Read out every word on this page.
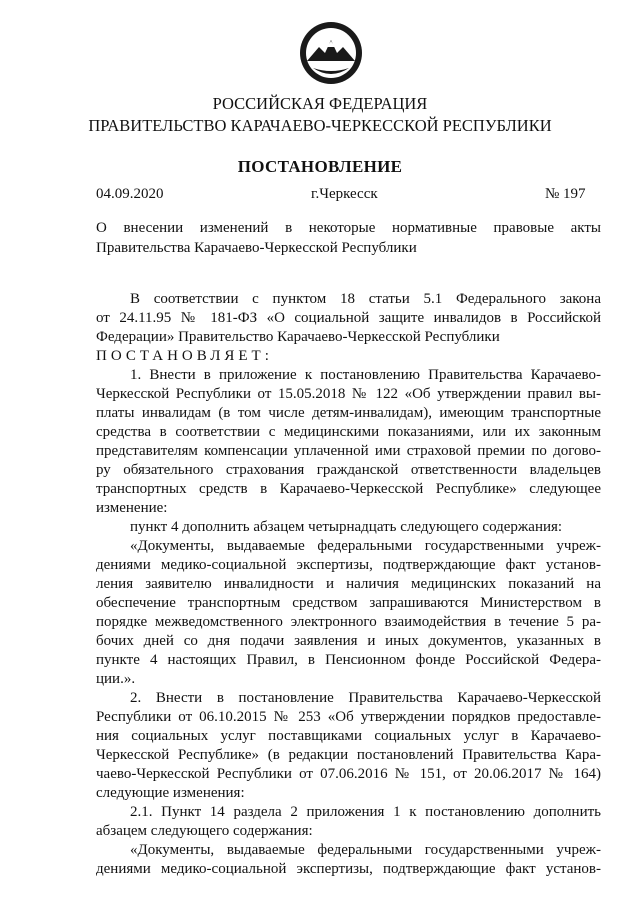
РОССИЙСКАЯ ФЕДЕРАЦИЯ
ПРАВИТЕЛЬСТВО КАРАЧАЕВО-ЧЕРКЕССКОЙ РЕСПУБЛИКИ
ПОСТАНОВЛЕНИЕ
04.09.2020	г.Черкесск	№ 197
О внесении изменений в некоторые нормативные правовые акты Правительства Карачаево-Черкесской Республики
В соответствии с пунктом 18 статьи 5.1 Федерального закона
от 24.11.95 № 181-ФЗ «О социальной защите инвалидов в Российской
Федерации» Правительство Карачаево-Черкесской Республики
ПОСТАНОВЛЯЕТ:
1. Внести в приложение к постановлению Правительства Карачаево-
Черкесской Республики от 15.05.2018 № 122 «Об утверждении правил вы-
платы инвалидам (в том числе детям-инвалидам), имеющим транспортные
средства в соответствии с медицинскими показаниями, или их законным
представителям компенсации уплаченной ими страховой премии по догово-
ру обязательного страхования гражданской ответственности владельцев
транспортных средств в Карачаево-Черкесской Республике» следующее
изменение:
пункт 4 дополнить абзацем четырнадцать следующего содержания:
«Документы, выдаваемые федеральными государственными учреж-
дениями медико-социальной экспертизы, подтверждающие факт установ-
ления заявителю инвалидности и наличия медицинских показаний на
обеспечение транспортным средством запрашиваются Министерством в
порядке межведомственного электронного взаимодействия в течение 5 ра-
бочих дней со дня подачи заявления и иных документов, указанных в
пункте 4 настоящих Правил, в Пенсионном фонде Российской Федера-
ции.».
2. Внести в постановление Правительства Карачаево-Черкесской
Республики от 06.10.2015 № 253 «Об утверждении порядков предоставле-
ния социальных услуг поставщиками социальных услуг в Карачаево-
Черкесской Республике» (в редакции постановлений Правительства Кара-
чаево-Черкесской Республики от 07.06.2016 № 151, от 20.06.2017 № 164)
следующие изменения:
2.1. Пункт 14 раздела 2 приложения 1 к постановлению дополнить
абзацем следующего содержания:
«Документы, выдаваемые федеральными государственными учреж-
дениями медико-социальной экспертизы, подтверждающие факт установ-
